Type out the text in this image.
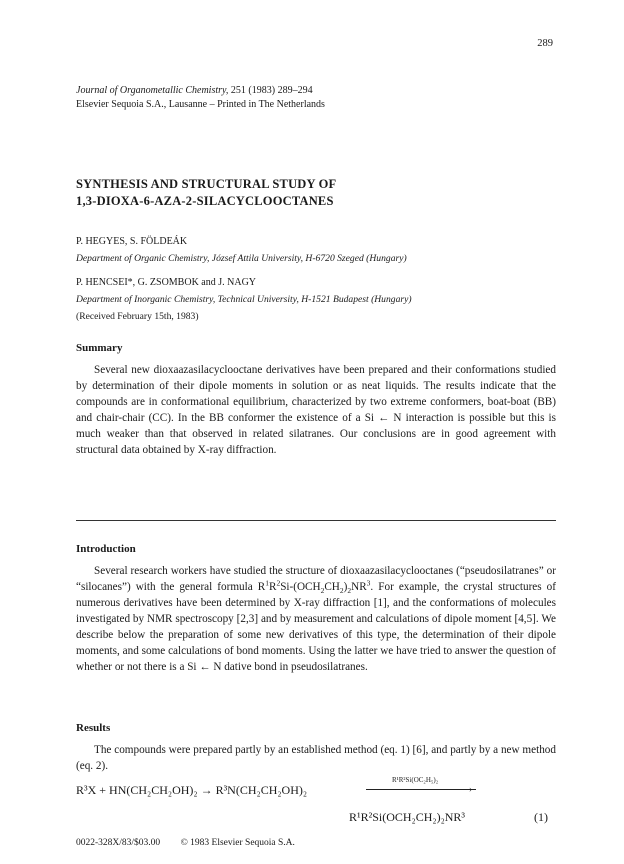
289
Journal of Organometallic Chemistry, 251 (1983) 289–294
Elsevier Sequoia S.A., Lausanne – Printed in The Netherlands
SYNTHESIS AND STRUCTURAL STUDY OF
1,3-DIOXA-6-AZA-2-SILACYCLOOCTANES
P. HEGYES, S. FÖLDEÁK
Department of Organic Chemistry, József Attila University, H-6720 Szeged (Hungary)
P. HENCSEI*, G. ZSOMBOK and J. NAGY
Department of Inorganic Chemistry, Technical University, H-1521 Budapest (Hungary)
(Received February 15th, 1983)
Summary

Several new dioxaazasilacyclooctane derivatives have been prepared and their conformations studied by determination of their dipole moments in solution or as neat liquids. The results indicate that the compounds are in conformational equilibrium, characterized by two extreme conformers, boat-boat (BB) and chair-chair (CC). In the BB conformer the existence of a Si ← N interaction is possible but this is much weaker than that observed in related silatranes. Our conclusions are in good agreement with structural data obtained by X-ray diffraction.

Introduction

Several research workers have studied the structure of dioxaazasilacyclooctanes (“pseudosilatranes” or “silocanes”) with the general formula $R^1R^2Si-(OCH_2CH_2)_2NR^3$. For example, the crystal structures of numerous derivatives have been determined by X-ray diffraction [1], and the conformations of molecules investigated by NMR spectroscopy [2,3] and by measurement and calculations of dipole moment [4,5]. We describe below the preparation of some new derivatives of this type, the determination of their dipole moments, and some calculations of bond moments. Using the latter we have tried to answer the question of whether or not there is a Si ← N dative bond in pseudosilatranes.

Results

The compounds were prepared partly by an established method (eq. 1) [6], and partly by a new method (eq. 2).

R³X + HN(CH₂CH₂OH)₂ → R³N(CH₂CH₂OH)₂	›
R¹R²Si(OC₂H₅)₂
R¹R²Si(OCH₂CH₂)₂NR³	(1)
0022-328X/83/$03.00 © 1983 Elsevier Sequoia S.A.
